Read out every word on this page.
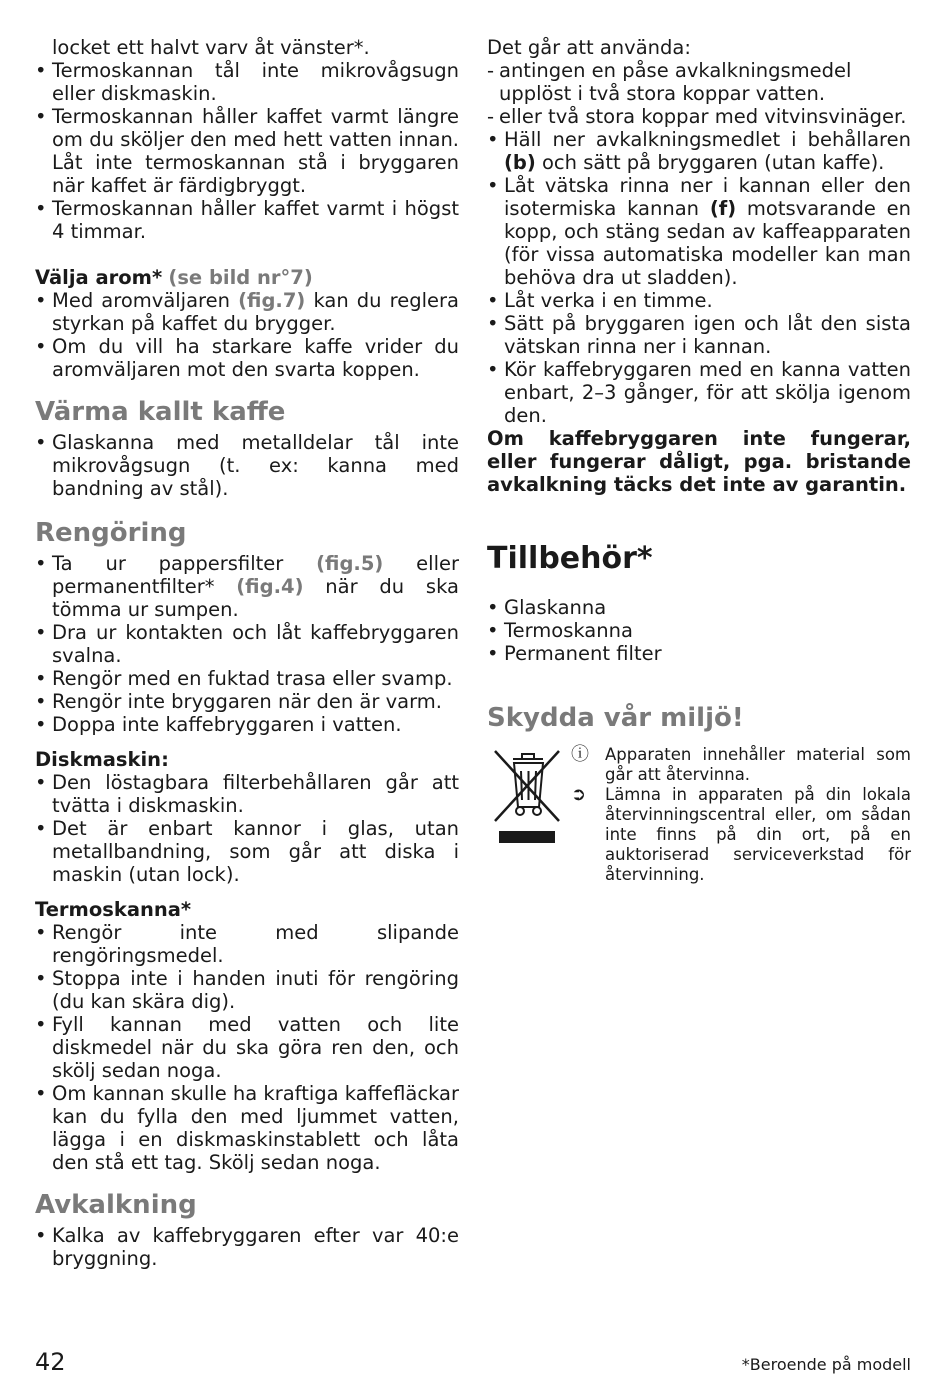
locket ett halvt varv åt vänster*.

• Termoskannan tål inte mikrovågsugn eller diskmaskin.

• Termoskannan håller kaffet varmt längre om du sköljer den med hett vatten innan. Låt inte termoskannan stå i bryggaren när kaffet är färdigbryggt.

• Termoskannan håller kaffet varmt i högst 4 timmar.

Välja arom* (se bild nr°7)

• Med aromväljaren (fig.7) kan du reglera styrkan på kaffet du brygger.

• Om du vill ha starkare kaffe vrider du aromväljaren mot den svarta koppen.

Värma kallt kaffe

• Glaskanna med metalldelar tål inte mikrovågsugn (t. ex: kanna med bandning av stål).

Rengöring

• Ta ur pappersfilter (fig.5) eller permanentfilter* (fig.4) när du ska tömma ur sumpen.

• Dra ur kontakten och låt kaffebryggaren svalna.

• Rengör med en fuktad trasa eller svamp.

• Rengör inte bryggaren när den är varm.

• Doppa inte kaffebryggaren i vatten.

Diskmaskin:

• Den löstagbara filterbehållaren går att tvätta i diskmaskin.

• Det är enbart kannor i glas, utan metallbandning, som går att diska i maskin (utan lock).

Termoskanna*

• Rengör inte med slipande rengöringsmedel.

• Stoppa inte i handen inuti för rengöring (du kan skära dig).

• Fyll kannan med vatten och lite diskmedel när du ska göra ren den, och skölj sedan noga.

• Om kannan skulle ha kraftiga kaffefläckar kan du fylla den med ljummet vatten, lägga i en diskmaskinstablett och låta den stå ett tag. Skölj sedan noga.

Avkalkning

• Kalka av kaffebryggaren efter var 40:e bryggning.

Det går att använda:

- antingen en påse avkalkningsmedel upplöst i två stora koppar vatten.

- eller två stora koppar med vitvinsvinäger.

• Häll ner avkalkningsmedlet i behållaren (b) och sätt på bryggaren (utan kaffe).

• Låt vätska rinna ner i kannan eller den isotermiska kannan (f) motsvarande en kopp, och stäng sedan av kaffeapparaten (för vissa automatiska modeller kan man behöva dra ut sladden).

• Låt verka i en timme.

• Sätt på bryggaren igen och låt den sista vätskan rinna ner i kannan.

• Kör kaffebryggaren med en kanna vatten enbart, 2–3 gånger, för att skölja igenom den.

Om kaffebryggaren inte fungerar, eller fungerar dåligt, pga. bristande avkalkning täcks det inte av garantin.

Tillbehör*

• Glaskanna

• Termoskanna

• Permanent filter

Skydda vår miljö!

ⓘ Apparaten innehåller material som går att återvinna.

➲ Lämna in apparaten på din lokala återvinningscentral eller, om sådan inte finns på din ort, på en auktoriserad serviceverkstad för återvinning.

42	*Beroende på modell
